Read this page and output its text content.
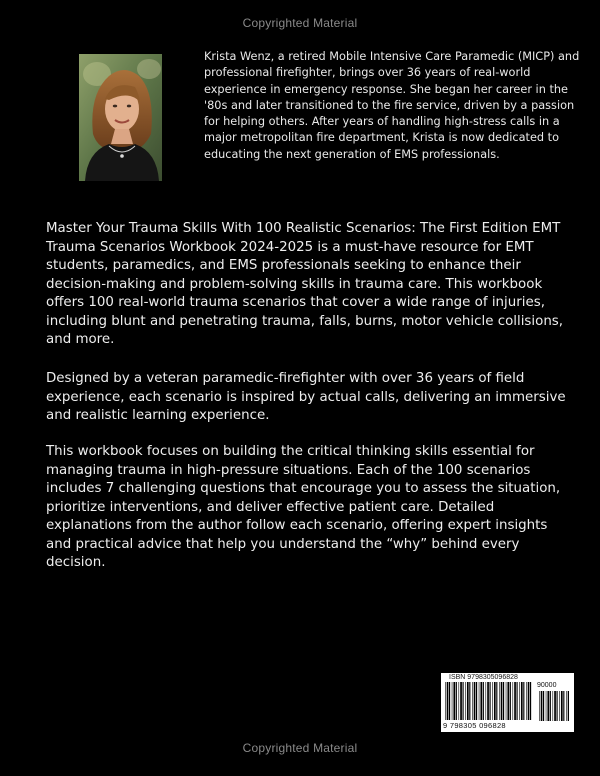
Copyrighted Material
Krista Wenz, a retired Mobile Intensive Care Paramedic (MICP) and professional firefighter, brings over 36 years of real-world experience in emergency response. She began her career in the '80s and later transitioned to the fire service, driven by a passion for helping others. After years of handling high-stress calls in a major metropolitan fire department, Krista is now dedicated to educating the next generation of EMS professionals.

Master Your Trauma Skills With 100 Realistic Scenarios: The First Edition EMT Trauma Scenarios Workbook 2024-2025 is a must-have resource for EMT students, paramedics, and EMS professionals seeking to enhance their decision-making and problem-solving skills in trauma care. This workbook offers 100 real-world trauma scenarios that cover a wide range of injuries, including blunt and penetrating trauma, falls, burns, motor vehicle collisions, and more.

Designed by a veteran paramedic-firefighter with over 36 years of field experience, each scenario is inspired by actual calls, delivering an immersive and realistic learning experience.

This workbook focuses on building the critical thinking skills essential for managing trauma in high-pressure situations. Each of the 100 scenarios includes 7 challenging questions that encourage you to assess the situation, prioritize interventions, and deliver effective patient care. Detailed explanations from the author follow each scenario, offering expert insights and practical advice that help you understand the “why” behind every decision.

ISBN 9798305096828
90000
9 798305 096828
Copyrighted Material
